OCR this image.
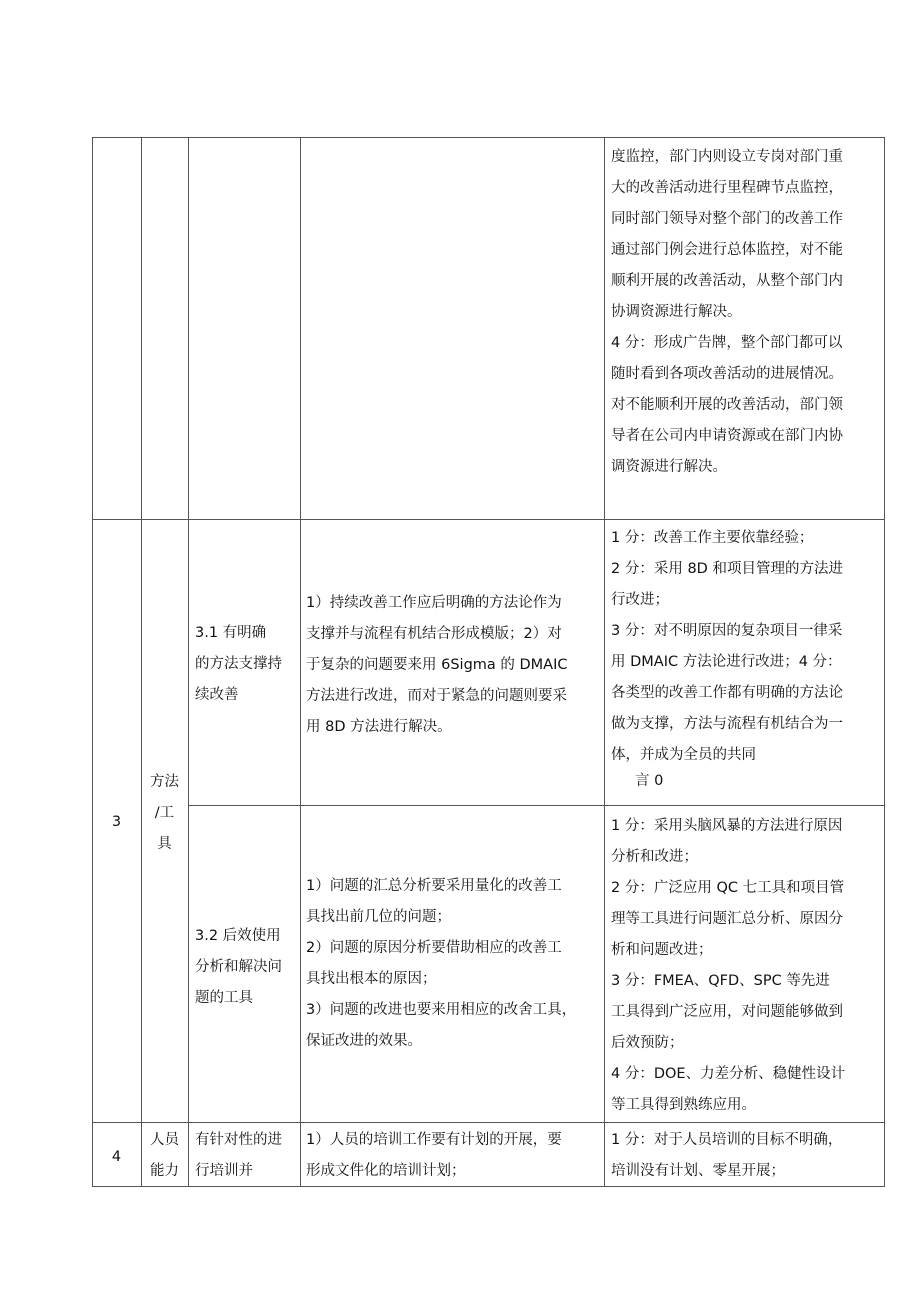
度监控，部门内则设立专岗对部门重

大的改善活动进行里程碑节点监控，

同时部门领导对整个部门的改善工作

通过部门例会进行总体监控，对不能

顺利开展的改善活动，从整个部门内

协调资源进行解决。

4 分：形成广告牌，整个部门都可以

随时看到各项改善活动的进展情况。

对不能顺利开展的改善活动，部门领

导者在公司内申请资源或在部门内协

调资源进行解决。

3

方法

/工

具

3.1 有明确

的方法支撑持

续改善

1）持续改善工作应后明确的方法论作为

支撑并与流程有机结合形成模版；2）对

于复杂的问题要来用 6Sigma 的 DMAIC

方法进行改进，而对于紧急的问题则要采

用 8D 方法进行解决。

1 分：改善工作主要依靠经验；

2 分：采用 8D 和项目管理的方法进

行改进；

3 分：对不明原因的复杂项目一律采

用 DMAIC 方法论进行改进；4 分：

各类型的改善工作都有明确的方法论

做为支撑，方法与流程有机结合为一

体，并成为全员的共同

言 0

3.2 后效使用

分析和解决问

题的工具

1）问题的汇总分析要采用量化的改善工

具找出前几位的问题；

2）问题的原因分析要借助相应的改善工

具找出根本的原因；

3）问题的改进也要来用相应的改舍工具，

保证改进的效果。

1 分：采用头脑风暴的方法进行原因

分析和改进；

2 分：广泛应用 QC 七工具和项目管

理等工具进行问题汇总分析、原因分

析和问题改进；

3 分：FMEA、QFD、SPC 等先进

工具得到广泛应用，对问题能够做到

后效预防；

4 分：DOE、力差分析、稳健性设计

等工具得到熟练应用。

4

人员

能力

有针对性的进

行培训并

1）人员的培训工作要有计划的开展，要

形成文件化的培训计划；

1 分：对于人员培训的目标不明确，

培训没有计划、零星开展；
